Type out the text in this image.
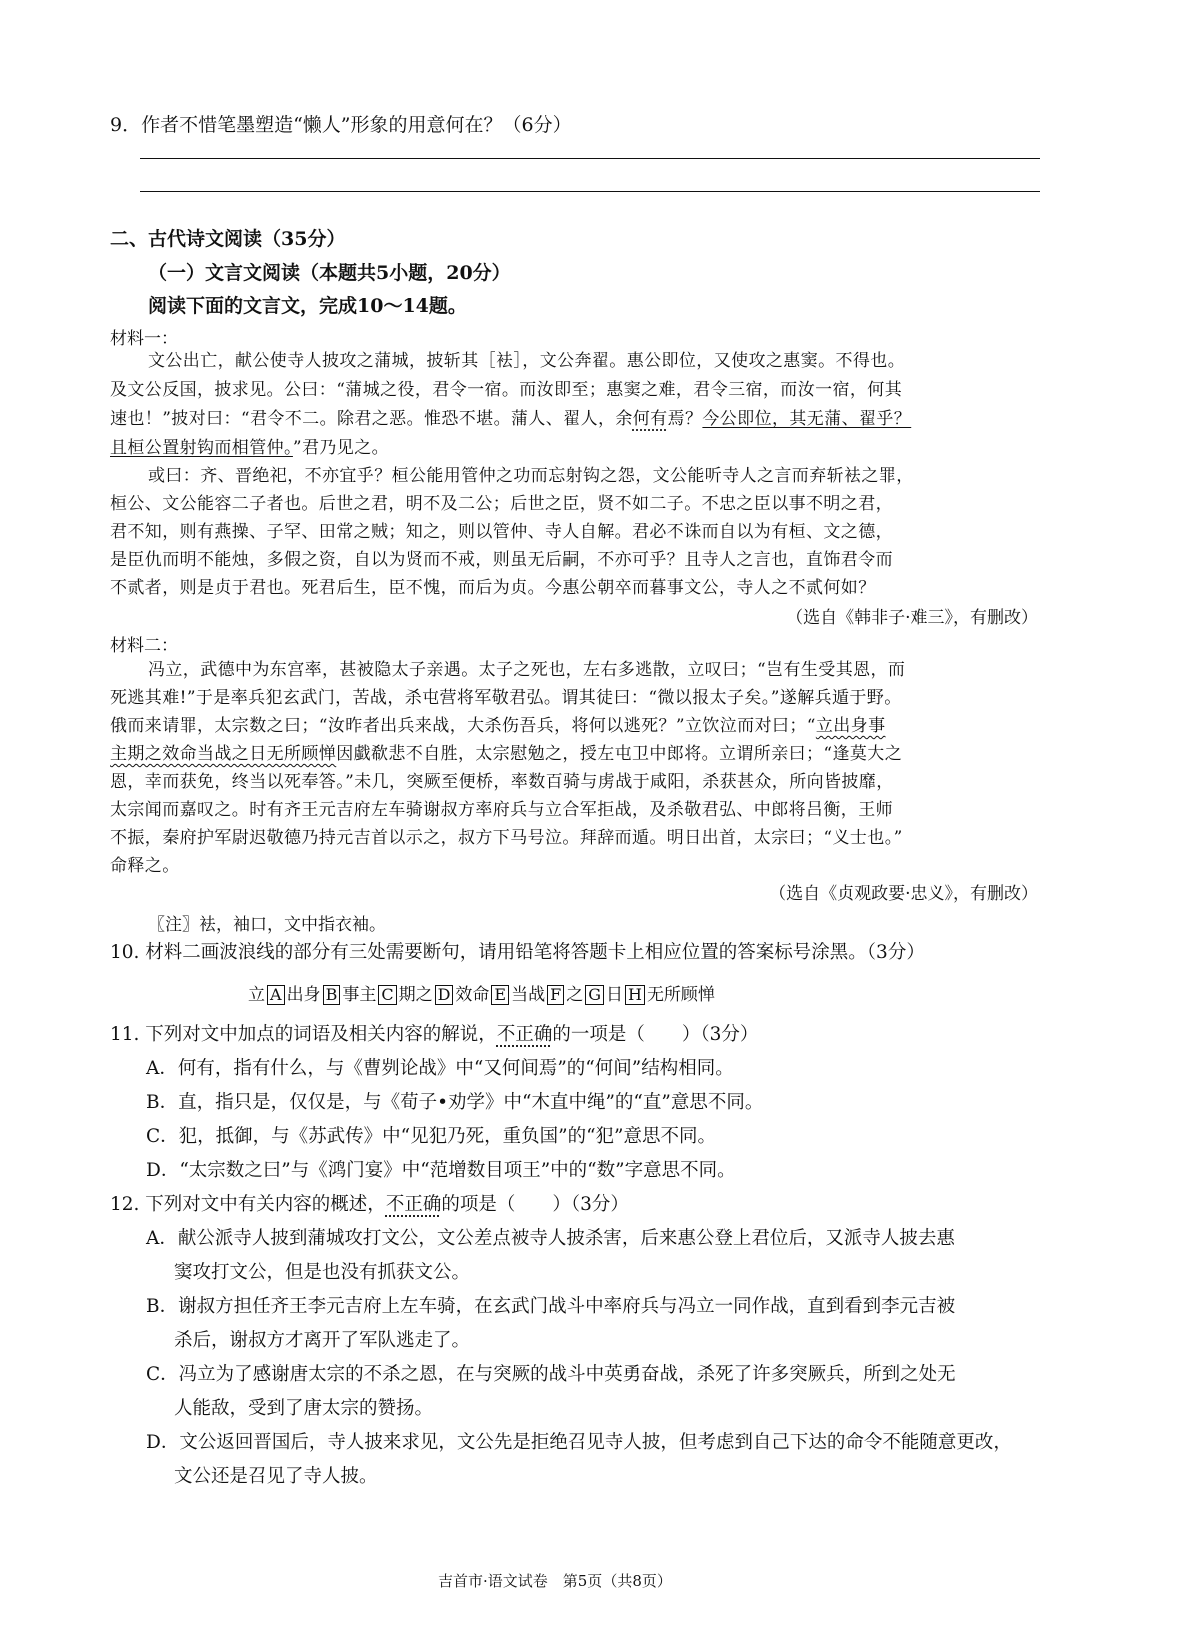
9．作者不惜笔墨塑造“懒人”形象的用意何在？（6分）
二、古代诗文阅读（35分）
（一）文言文阅读（本题共5小题，20分）
阅读下面的文言文，完成10～14题。
材料一：
文公出亡，献公使寺人披攻之蒲城，披斩其［袪］，文公奔翟。惠公即位，又使攻之惠窦。不得也。
及文公反国，披求见。公曰：“蒲城之役，君令一宿。而汝即至；惠窦之难，君令三宿，而汝一宿，何其
速也！”披对曰：“君令不二。除君之恶。惟恐不堪。蒲人、翟人，余何有焉？今公即位，其无蒲、翟乎？
且桓公置射钩而相管仲。”君乃见之。
或曰：齐、晋绝祀，不亦宜乎？桓公能用管仲之功而忘射钩之怨，文公能听寺人之言而弃斩袪之罪，
桓公、文公能容二子者也。后世之君，明不及二公；后世之臣，贤不如二子。不忠之臣以事不明之君，
君不知，则有燕操、子罕、田常之贼；知之，则以管仲、寺人自解。君必不诛而自以为有桓、文之德，
是臣仇而明不能烛，多假之资，自以为贤而不戒，则虽无后嗣，不亦可乎？且寺人之言也，直饰君令而
不贰者，则是贞于君也。死君后生，臣不愧，而后为贞。今惠公朝卒而暮事文公，寺人之不贰何如？
（选自《韩非子·难三》，有删改）
材料二：
冯立，武德中为东宫率，甚被隐太子亲遇。太子之死也，左右多逃散，立叹曰；“岂有生受其恩，而
死逃其难!”于是率兵犯玄武门，苦战，杀屯营将军敬君弘。谓其徒曰：“微以报太子矣。”遂解兵遁于野。
俄而来请罪，太宗数之曰；“汝昨者出兵来战，大杀伤吾兵，将何以逃死？”立饮泣而对曰；“立出身事
主期之效命当战之日无所顾惮因戱欷悲不自胜，太宗慰勉之，授左屯卫中郎将。立谓所亲曰；“逢莫大之
恩，幸而获免，终当以死奉答。”未几，突厥至便桥，率数百骑与虏战于咸阳，杀获甚众，所向皆披靡，
太宗闻而嘉叹之。时有齐王元吉府左车骑谢叔方率府兵与立合军拒战，及杀敬君弘、中郎将吕衡，王师
不振，秦府护军尉迟敬德乃持元吉首以示之，叔方下马号泣。拜辞而遁。明日出首，太宗曰；“义士也。”
命释之。
（选自《贞观政要·忠义》，有删改）
〖注〗袪，袖口，文中指衣袖。
10. 材料二画波浪线的部分有三处需要断句，请用铅笔将答题卡上相应位置的答案标号涂黑。（3分）
立 A 出身 B 事主 C 期之 D 效命 E 当战 F 之 G 日 H 无所顾惮
11. 下列对文中加点的词语及相关内容的解说，不正确的一项是（　　）（3分）
A．何有，指有什么，与《曹刿论战》中“又何间焉”的“何间”结构相同。
B．直，指只是，仅仅是，与《荀子•劝学》中“木直中绳”的“直”意思不同。
C．犯，抵御，与《苏武传》中“见犯乃死，重负国”的“犯”意思不同。
D．“太宗数之曰”与《鸿门宴》中“范增数目项王”中的“数”字意思不同。
12. 下列对文中有关内容的概述，不正确的项是（　　）（3分）
A．献公派寺人披到蒲城攻打文公，文公差点被寺人披杀害，后来惠公登上君位后，又派寺人披去惠
窦攻打文公，但是也没有抓获文公。
B．谢叔方担任齐王李元吉府上左车骑，在玄武门战斗中率府兵与冯立一同作战，直到看到李元吉被
杀后，谢叔方才离开了军队逃走了。
C．冯立为了感谢唐太宗的不杀之恩，在与突厥的战斗中英勇奋战，杀死了许多突厥兵，所到之处无
人能敌，受到了唐太宗的赞扬。
D．文公返回晋国后，寺人披来求见，文公先是拒绝召见寺人披，但考虑到自己下达的命令不能随意更改，
文公还是召见了寺人披。
吉首市·语文试卷　第5页（共8页）
